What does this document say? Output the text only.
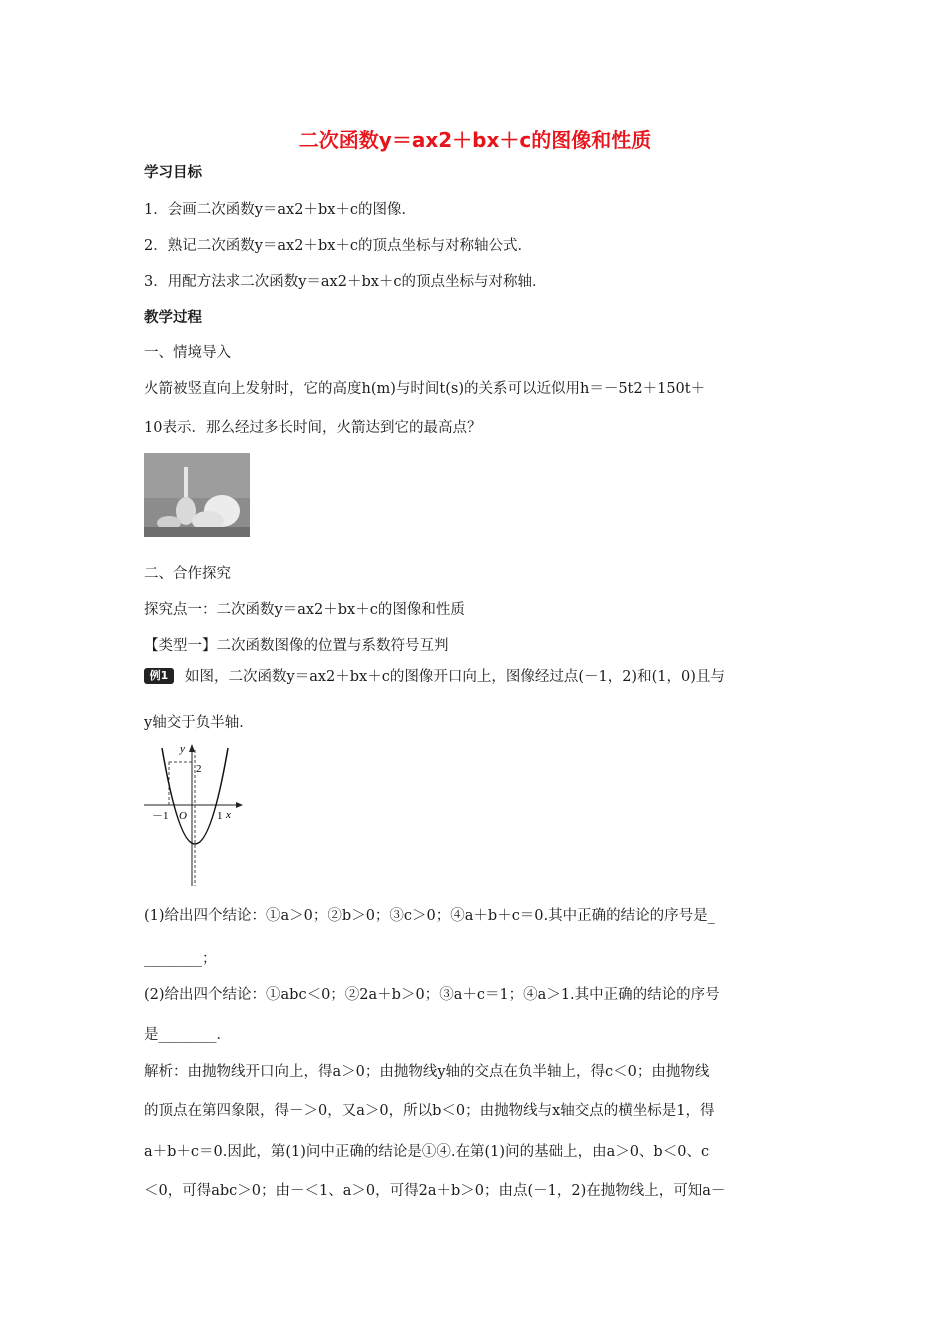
二次函数y＝ax2＋bx＋c的图像和性质
学习目标
1．会画二次函数y＝ax2＋bx＋c的图像．
2．熟记二次函数y＝ax2＋bx＋c的顶点坐标与对称轴公式．
3．用配方法求二次函数y＝ax2＋bx＋c的顶点坐标与对称轴．
教学过程
一、情境导入
火箭被竖直向上发射时，它的高度h(m)与时间t(s)的关系可以近似用h＝－5t2＋150t＋
10表示．那么经过多长时间，火箭达到它的最高点？
二、合作探究
探究点一：二次函数y＝ax2＋bx＋c的图像和性质
【类型一】二次函数图像的位置与系数符号互判
例1	如图，二次函数y＝ax2＋bx＋c的图像开口向上，图像经过点(－1，2)和(1，0)且与
y轴交于负半轴．
y
x
2
－1 O	1
(1)给出四个结论：①a＞0；②b＞0；③c＞0；④a＋b＋c＝0.其中正确的结论的序号是_
________；
(2)给出四个结论：①abc＜0；②2a＋b＞0；③a＋c＝1；④a＞1.其中正确的结论的序号
是________．
解析：由抛物线开口向上，得a＞0；由抛物线y轴的交点在负半轴上，得c＜0；由抛物线
的顶点在第四象限，得－＞0，又a＞0，所以b＜0；由抛物线与x轴交点的横坐标是1，得
a＋b＋c＝0.因此，第(1)问中正确的结论是①④.在第(1)问的基础上，由a＞0、b＜0、c
＜0，可得abc＞0；由－＜1、a＞0，可得2a＋b＞0；由点(－1，2)在抛物线上，可知a－
